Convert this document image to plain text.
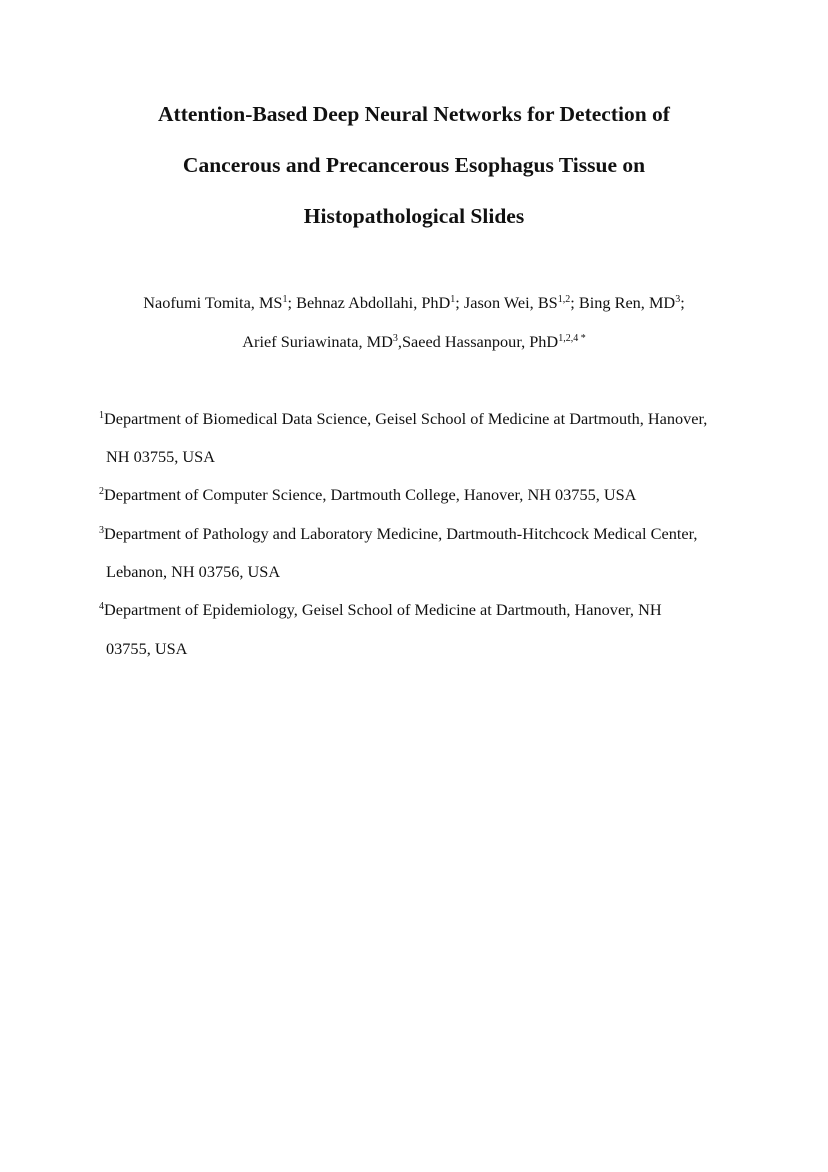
Attention-Based Deep Neural Networks for Detection of
Cancerous and Precancerous Esophagus Tissue on
Histopathological Slides
Naofumi Tomita, $MS^1$; Behnaz Abdollahi, PhD$^1$; Jason Wei, BS$^{1,2}$; Bing Ren, $MD^3$;
Arief Suriawinata, $MD^3,Saeed$ Hassanpour, PhD$^{1,2,4 *}$
$^1$Department of Biomedical Data Science, Geisel School of Medicine at Dartmouth, Hanover,
NH 03755, USA
$^2$Department of Computer Science, Dartmouth College, Hanover, NH 03755, USA
$^3$Department of Pathology and Laboratory Medicine, Dartmouth-Hitchcock Medical Center,
Lebanon, NH 03756, USA
$^4$Department of Epidemiology, Geisel School of Medicine at Dartmouth, Hanover, NH
03755, USA
